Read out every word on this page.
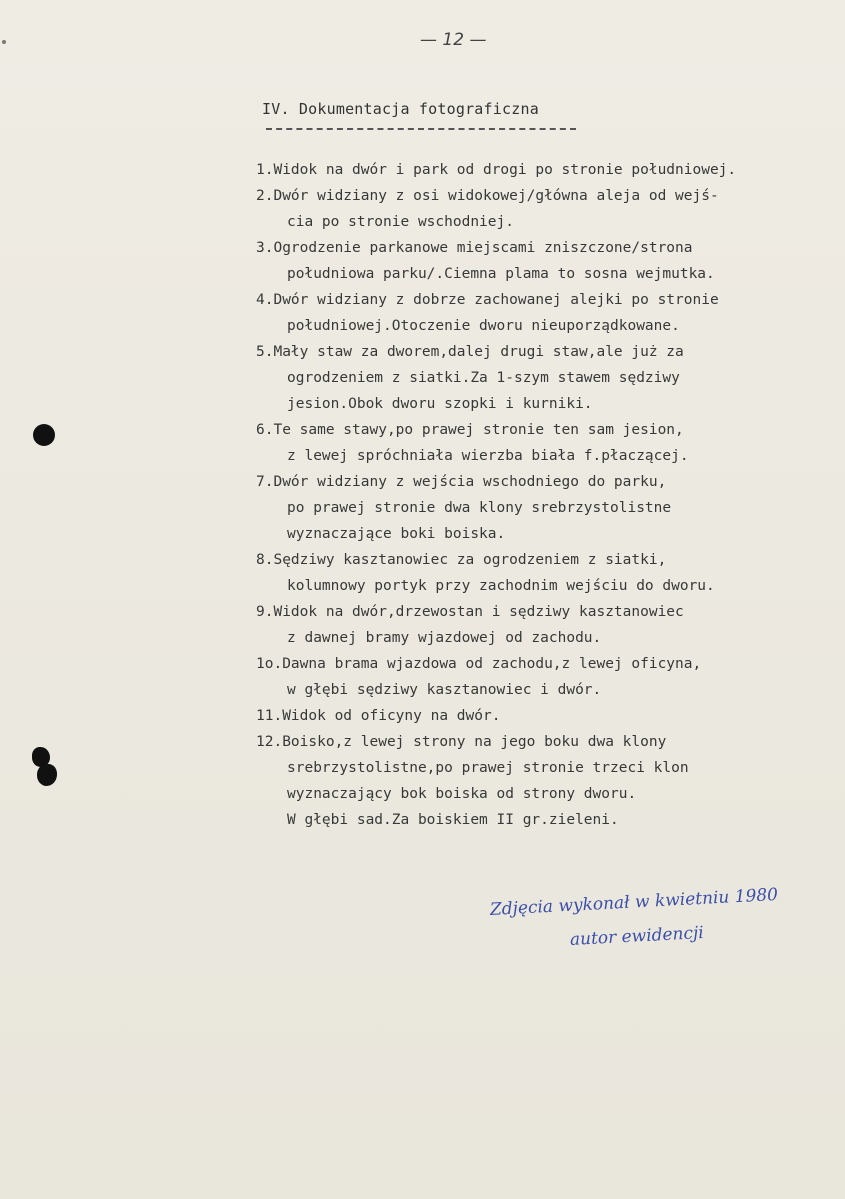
— 12 —
IV. Dokumentacja fotograficzna
1.Widok na dwór i park od drogi po stronie południowej.
2.Dwór widziany z osi widokowej/główna aleja od wejś-
cia po stronie wschodniej.
3.Ogrodzenie parkanowe miejscami zniszczone/strona
południowa parku/.Ciemna plama to sosna wejmutka.
4.Dwór widziany z dobrze zachowanej alejki po stronie
południowej.Otoczenie dworu nieuporządkowane.
5.Mały staw za dworem,dalej drugi staw,ale już za
ogrodzeniem z siatki.Za 1-szym stawem sędziwy
jesion.Obok dworu szopki i kurniki.
6.Te same stawy,po prawej stronie ten sam jesion,
z lewej spróchniała wierzba biała f.płaczącej.
7.Dwór widziany z wejścia wschodniego do parku,
po prawej stronie dwa klony srebrzystolistne
wyznaczające boki boiska.
8.Sędziwy kasztanowiec za ogrodzeniem z siatki,
kolumnowy portyk przy zachodnim wejściu do dworu.
9.Widok na dwór,drzewostan i sędziwy kasztanowiec
z dawnej bramy wjazdowej od zachodu.
1o.Dawna brama wjazdowa od zachodu,z lewej oficyna,
w głębi sędziwy kasztanowiec i dwór.
11.Widok od oficyny na dwór.
12.Boisko,z lewej strony na jego boku dwa klony
srebrzystolistne,po prawej stronie trzeci klon
wyznaczający bok boiska od strony dworu.
W głębi sad.Za boiskiem II gr.zieleni.
Zdjęcia wykonał w kwietniu 1980
autor ewidencji
